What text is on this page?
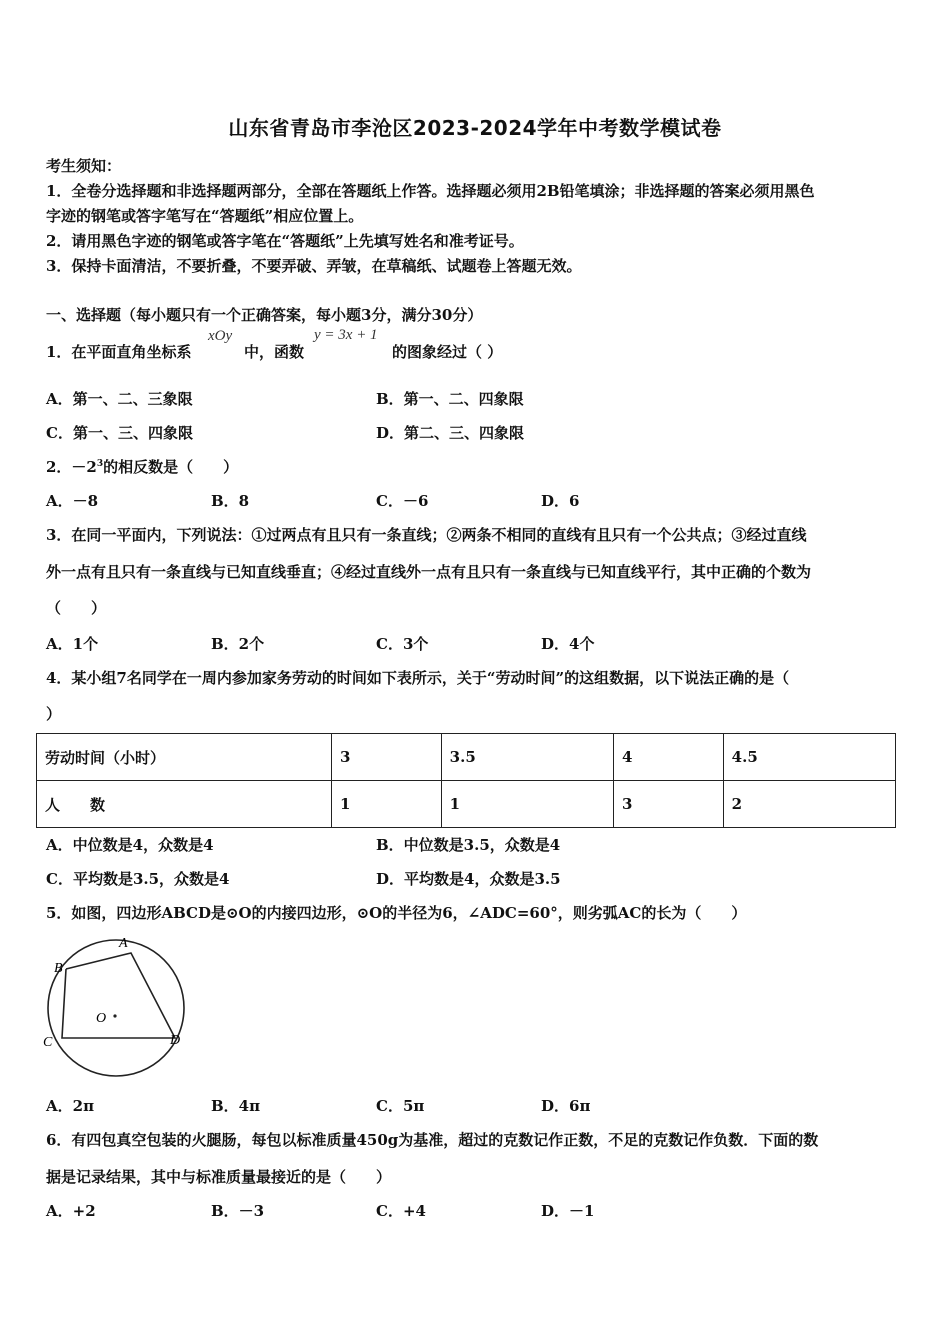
山东省青岛市李沧区2023-2024学年中考数学模试卷
考生须知：
1．全卷分选择题和非选择题两部分，全部在答题纸上作答。选择题必须用2B铅笔填涂；非选择题的答案必须用黑色
字迹的钢笔或答字笔写在“答题纸”相应位置上。
2．请用黑色字迹的钢笔或答字笔在“答题纸”上先填写姓名和准考证号。
3．保持卡面清洁，不要折叠，不要弄破、弄皱，在草稿纸、试题卷上答题无效。
一、选择题（每小题只有一个正确答案，每小题3分，满分30分）
1．在平面直角坐标系
xOy
中，函数
y = 3x + 1
的图象经过（ ）
A．第一、二、三象限	B．第一、二、四象限
C．第一、三、四象限	D．第二、三、四象限
2．$-2^3$的相反数是（　　）
A．－8	B．8	C．－6	D．6
3．在同一平面内，下列说法：①过两点有且只有一条直线；②两条不相同的直线有且只有一个公共点；③经过直线
外一点有且只有一条直线与已知直线垂直；④经过直线外一点有且只有一条直线与已知直线平行，其中正确的个数为
（　　）
A．1个	B．2个	C．3个	D．4个
4．某小组7名同学在一周内参加家务劳动的时间如下表所示，关于“劳动时间”的这组数据，以下说法正确的是（
）
劳动时间（小时）	3	3.5	4	4.5
人　　数	1	1	3	2
A．中位数是4，众数是4	B．中位数是3.5，众数是4
C．平均数是3.5，众数是4	D．平均数是4，众数是3.5
5．如图，四边形ABCD是⊙O的内接四边形，⊙O的半径为6，∠ADC=60°，则劣弧AC的长为（　　）
A
B
C	D
O
A．2π	B．4π	C．5π	D．6π
6．有四包真空包装的火腿肠，每包以标准质量450g为基准，超过的克数记作正数，不足的克数记作负数．下面的数
据是记录结果，其中与标准质量最接近的是（　　）
A．+2	B．－3	C．+4	D．－1
